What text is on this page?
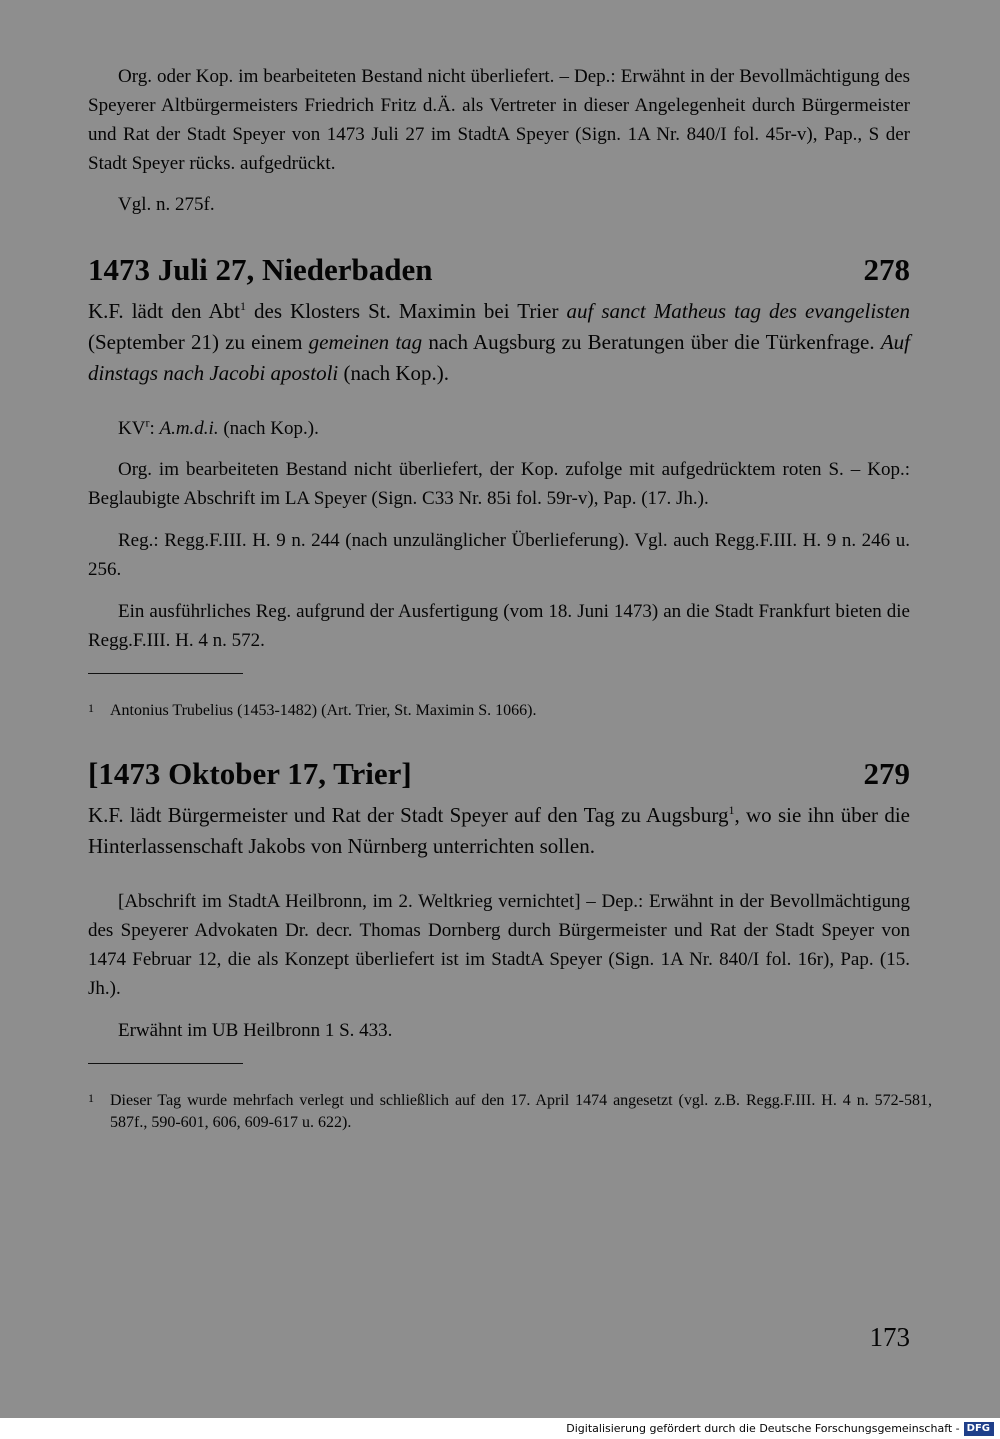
Org. oder Kop. im bearbeiteten Bestand nicht überliefert. – Dep.: Erwähnt in der Bevollmächtigung des Speyerer Altbürgermeisters Friedrich Fritz d.Ä. als Vertreter in dieser Angelegenheit durch Bürgermeister und Rat der Stadt Speyer von 1473 Juli 27 im StadtA Speyer (Sign. 1A Nr. 840/I fol. 45r-v), Pap., S der Stadt Speyer rücks. aufgedrückt.

Vgl. n. 275f.

1473 Juli 27, Niederbaden	278

K.F. lädt den Abt$^1$ des Klosters St. Maximin bei Trier auf sanct Matheus tag des evangelisten (September 21) zu einem gemeinen tag nach Augsburg zu Beratungen über die Türkenfrage. Auf dinstags nach Jacobi apostoli (nach Kop.).

$KV^r$: A.m.d.i. (nach Kop.).

Org. im bearbeiteten Bestand nicht überliefert, der Kop. zufolge mit aufgedrücktem roten S. – Kop.: Beglaubigte Abschrift im LA Speyer (Sign. C33 Nr. 85i fol. 59r-v), Pap. (17. Jh.).

Reg.: Regg.F.III. H. 9 n. 244 (nach unzulänglicher Überlieferung). Vgl. auch Regg.F.III. H. 9 n. 246 u. 256.

Ein ausführliches Reg. aufgrund der Ausfertigung (vom 18. Juni 1473) an die Stadt Frankfurt bieten die Regg.F.III. H. 4 n. 572.

1 Antonius Trubelius (1453-1482) (Art. Trier, St. Maximin S. 1066).

[1473 Oktober 17, Trier]	279

K.F. lädt Bürgermeister und Rat der Stadt Speyer auf den Tag zu Augsburg$^1$, wo sie ihn über die Hinterlassenschaft Jakobs von Nürnberg unterrichten sollen.

[Abschrift im StadtA Heilbronn, im 2. Weltkrieg vernichtet] – Dep.: Erwähnt in der Bevollmächtigung des Speyerer Advokaten Dr. decr. Thomas Dornberg durch Bürgermeister und Rat der Stadt Speyer von 1474 Februar 12, die als Konzept überliefert ist im StadtA Speyer (Sign. 1A Nr. 840/I fol. 16r), Pap. (15. Jh.).

Erwähnt im UB Heilbronn 1 S. 433.

1 Dieser Tag wurde mehrfach verlegt und schließlich auf den 17. April 1474 angesetzt (vgl. z.B. Regg.F.III. H. 4 n. 572-581, 587f., 590-601, 606, 609-617 u. 622).

173
Digitalisierung gefördert durch die Deutsche Forschungsgemeinschaft - DFG
